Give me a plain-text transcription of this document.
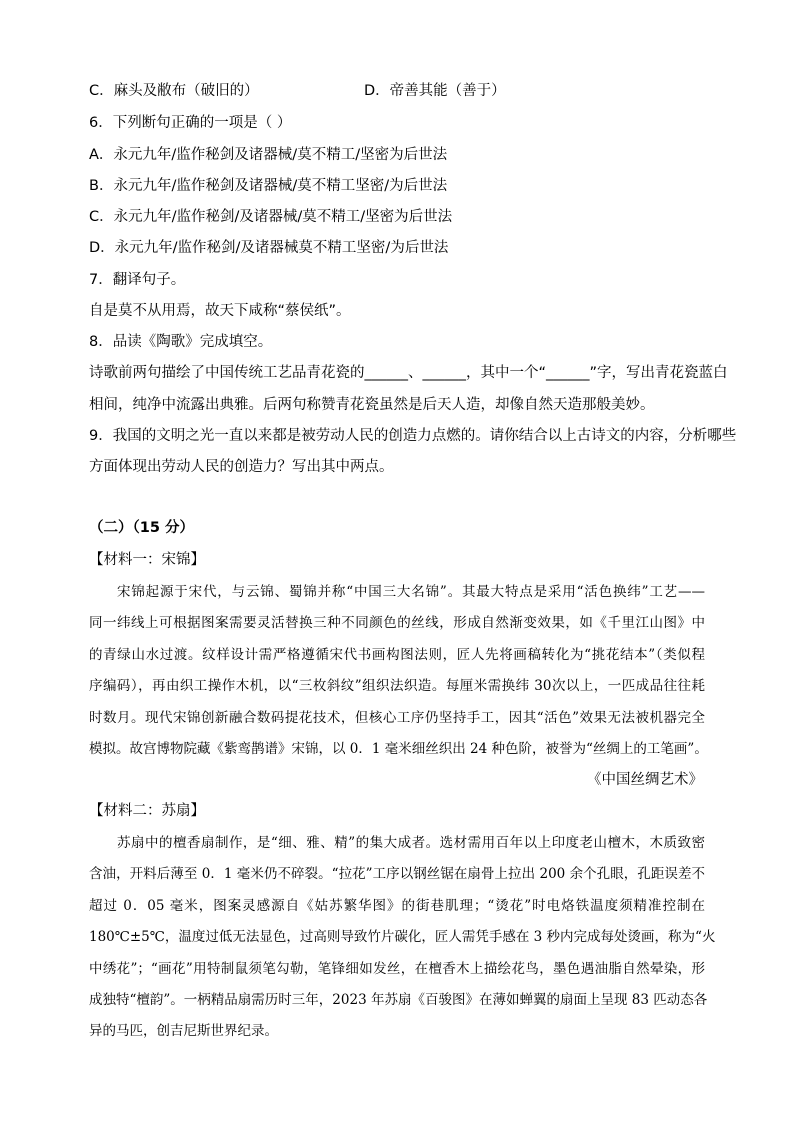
C．麻头及敝布（破旧的）	D．帝善其能（善于）
6．下列断句正确的一项是（ ）
A．永元九年/监作秘剑及诸器械/莫不精工/坚密为后世法
B．永元九年/监作秘剑及诸器械/莫不精工坚密/为后世法
C．永元九年/监作秘剑/及诸器械/莫不精工/坚密为后世法
D．永元九年/监作秘剑/及诸器械莫不精工坚密/为后世法
7．翻译句子。
自是莫不从用焉，故天下咸称“蔡侯纸”。
8．品读《陶歌》完成填空。
诗歌前两句描绘了中国传统工艺品青花瓷的______、______，其中一个“______”字，写出青花瓷蓝白
相间，纯净中流露出典雅。后两句称赞青花瓷虽然是后天人造，却像自然天造那般美妙。
9．我国的文明之光一直以来都是被劳动人民的创造力点燃的。请你结合以上古诗文的内容，分析哪些
方面体现出劳动人民的创造力？写出其中两点。
（二）（15 分）
【材料一：宋锦】
宋锦起源于宋代，与云锦、蜀锦并称“中国三大名锦”。其最大特点是采用“活色换纬”工艺——
同一纬线上可根据图案需要灵活替换三种不同颜色的丝线，形成自然渐变效果，如《千里江山图》中
的青绿山水过渡。纹样设计需严格遵循宋代书画构图法则，匠人先将画稿转化为“挑花结本”（类似程
序编码），再由织工操作木机，以“三枚斜纹”组织法织造。每厘米需换纬 30次以上，一匹成品往往耗
时数月。现代宋锦创新融合数码提花技术，但核心工序仍坚持手工，因其“活色”效果无法被机器完全
模拟。故宫博物院藏《紫鸾鹊谱》宋锦，以 0．1 毫米细丝织出 24 种色阶，被誉为“丝绸上的工笔画”。
《中国丝绸艺术》
【材料二：苏扇】
苏扇中的檀香扇制作，是“细、雅、精”的集大成者。选材需用百年以上印度老山檀木，木质致密
含油，开料后薄至 0．1 毫米仍不碎裂。“拉花”工序以钢丝锯在扇骨上拉出 200 余个孔眼，孔距误差不
超过 0．05 毫米，图案灵感源自《姑苏繁华图》的街巷肌理；“烫花”时电烙铁温度须精准控制在
180℃±5℃，温度过低无法显色，过高则导致竹片碳化，匠人需凭手感在 3 秒内完成每处烫画，称为“火
中绣花”；“画花”用特制鼠须笔勾勒，笔锋细如发丝，在檀香木上描绘花鸟，墨色遇油脂自然晕染，形
成独特“檀韵”。一柄精品扇需历时三年，2023 年苏扇《百骏图》在薄如蝉翼的扇面上呈现 83 匹动态各
异的马匹，创吉尼斯世界纪录。
